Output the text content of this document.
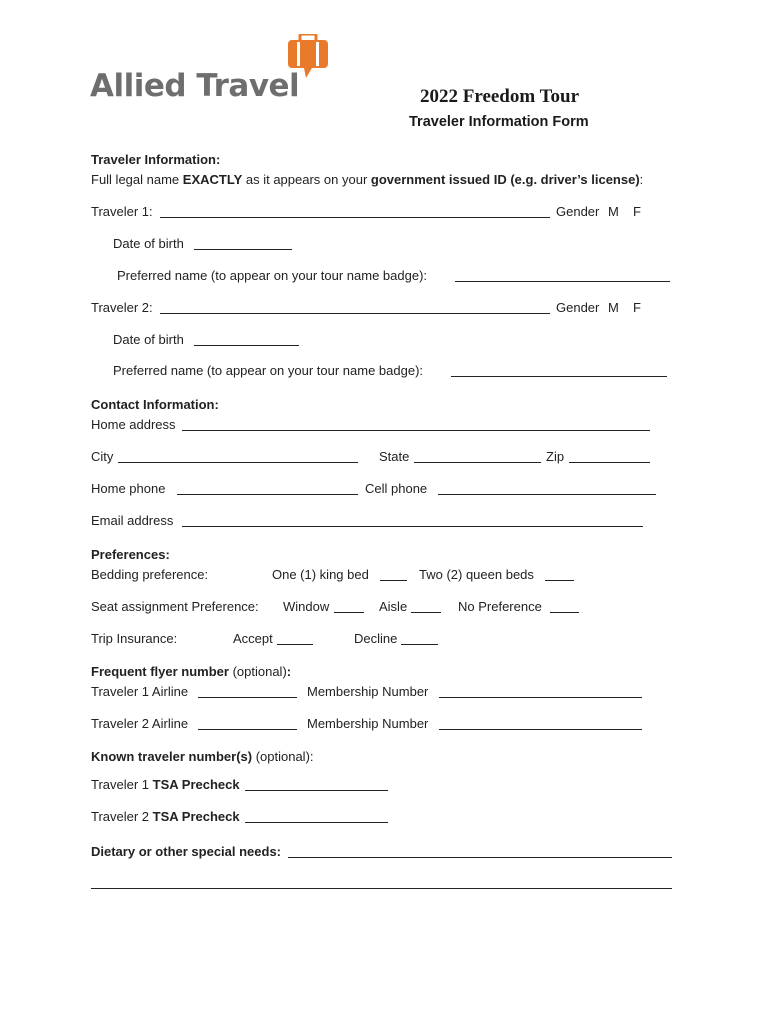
Allied Travel	2022 Freedom Tour
Traveler Information Form
Traveler Information:
Full legal name EXACTLY as it appears on your government issued ID (e.g. driver’s license):
Traveler 1:	Gender M F
Date of birth
Preferred name (to appear on your tour name badge):
Traveler 2:	Gender M F
Date of birth
Preferred name (to appear on your tour name badge):
Contact Information:
Home address
City	State	Zip
Home phone	Cell phone
Email address
Preferences:
Bedding preference:	One (1) king bed	Two (2) queen beds
Seat assignment Preference: Window	Aisle	No Preference
Trip Insurance:	Accept	Decline
Frequent flyer number (optional):
Traveler 1 Airline	Membership Number
Traveler 2 Airline	Membership Number
Known traveler number(s) (optional):
Traveler 1 TSA Precheck
Traveler 2 TSA Precheck
Dietary or other special needs:
